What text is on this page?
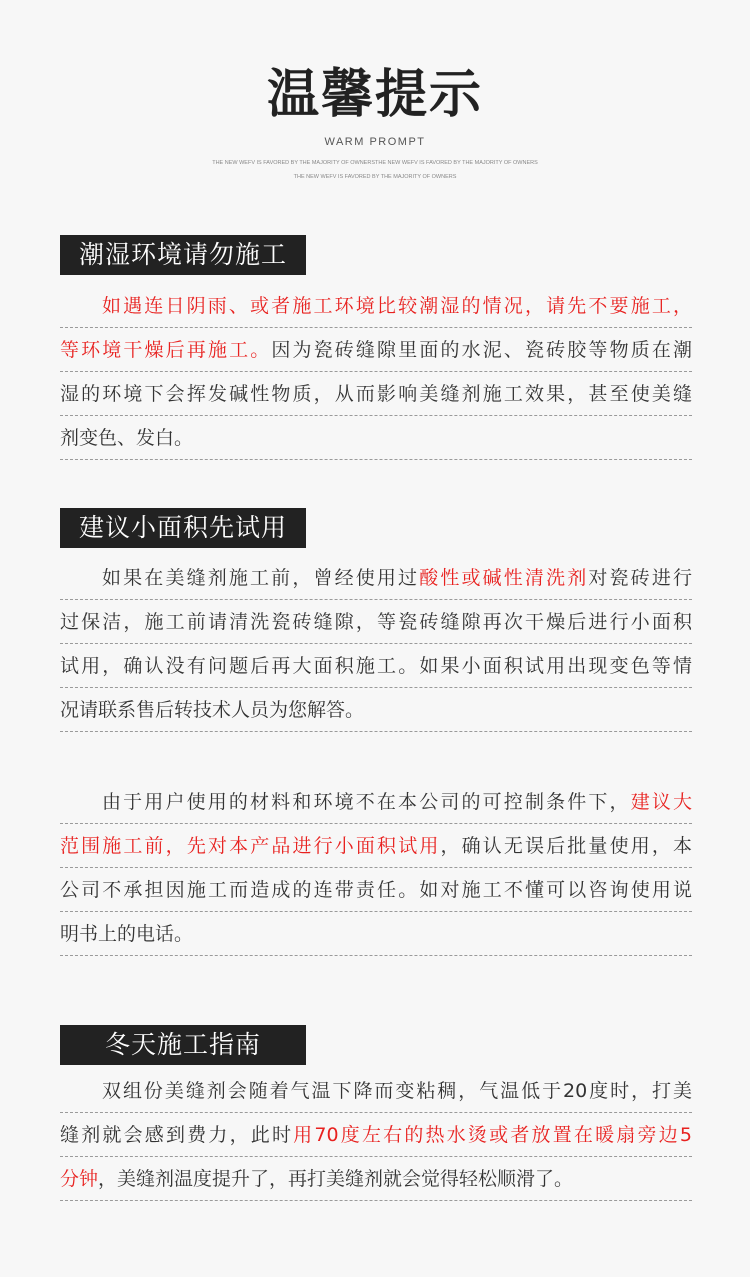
温馨提示
WARM PROMPT
THE NEW WEFV IS FAVORED BY THE MAJORITY OF OWNERSTHE NEW WEFV IS FAVORED BY THE MAJORITY OF OWNERS
THE NEW WEFV IS FAVORED BY THE MAJORITY OF OWNERS
潮湿环境请勿施工
如遇连日阴雨、或者施工环境比较潮湿的情况，请先不要施工，
等环境干燥后再施工。因为瓷砖缝隙里面的水泥、瓷砖胶等物质在潮
湿的环境下会挥发碱性物质，从而影响美缝剂施工效果，甚至使美缝
剂变色、发白。
建议小面积先试用
如果在美缝剂施工前，曾经使用过酸性或碱性清洗剂对瓷砖进行
过保洁，施工前请清洗瓷砖缝隙，等瓷砖缝隙再次干燥后进行小面积
试用，确认没有问题后再大面积施工。如果小面积试用出现变色等情
况请联系售后转技术人员为您解答。
由于用户使用的材料和环境不在本公司的可控制条件下，建议大
范围施工前，先对本产品进行小面积试用，确认无误后批量使用，本
公司不承担因施工而造成的连带责任。如对施工不懂可以咨询使用说
明书上的电话。
冬天施工指南
双组份美缝剂会随着气温下降而变粘稠，气温低于20度时，打美
缝剂就会感到费力，此时用70度左右的热水烫或者放置在暖扇旁边5
分钟，美缝剂温度提升了，再打美缝剂就会觉得轻松顺滑了。
